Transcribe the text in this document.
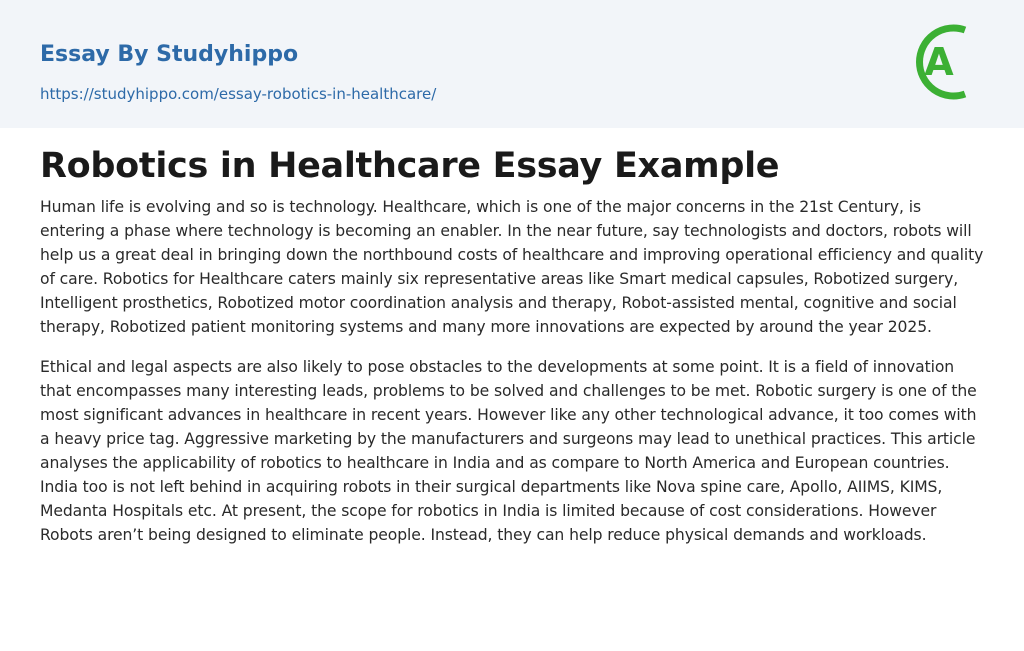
Essay By Studyhippo
https://studyhippo.com/essay-robotics-in-healthcare/
A
Robotics in Healthcare Essay Example

Human life is evolving and so is technology. Healthcare, which is one of the major concerns in the 21st Century, is entering a phase where technology is becoming an enabler. In the near future, say technologists and doctors, robots will help us a great deal in bringing down the northbound costs of healthcare and improving operational efficiency and quality of care. Robotics for Healthcare caters mainly six representative areas like Smart medical capsules, Robotized surgery, Intelligent prosthetics, Robotized motor coordination analysis and therapy, Robot-assisted mental, cognitive and social therapy, Robotized patient monitoring systems and many more innovations are expected by around the year 2025.

Ethical and legal aspects are also likely to pose obstacles to the developments at some point. It is a field of innovation that encompasses many interesting leads, problems to be solved and challenges to be met. Robotic surgery is one of the most significant advances in healthcare in recent years. However like any other technological advance, it too comes with a heavy price tag. Aggressive marketing by the manufacturers and surgeons may lead to unethical practices. This article analyses the applicability of robotics to healthcare in India and as compare to North America and European countries. India too is not left behind in acquiring robots in their surgical departments like Nova spine care, Apollo, AIIMS, KIMS, Medanta Hospitals etc. At present, the scope for robotics in India is limited because of cost considerations. However Robots aren’t being designed to eliminate people. Instead, they can help reduce physical demands and workloads.
